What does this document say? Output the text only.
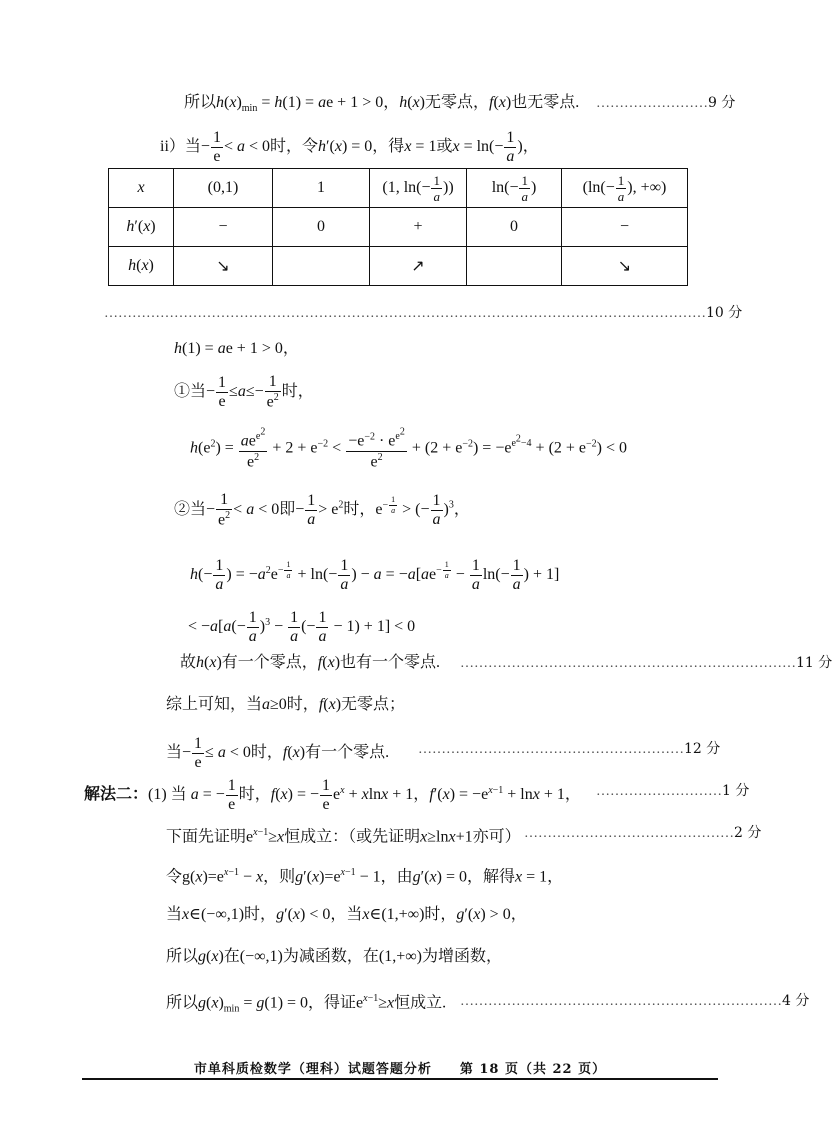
所以$h(x)_{min} = h(1)$ = ae + 1 > 0，h(x)无零点，f(x)也无零点. ……………………9 分
ii）当− $\frac{1}{e} < a < 0$时，令h′(x) = 0，得x = 1或$x = \ln(- \frac{1}{a}$ )，
x	(0,1)	1	(1, $\ln(- \frac{1}{a}$ ))	$\ln(- \frac{1}{a}$ )	($\ln(- \frac{1}{a}$ ), +∞)
h′(x)	−	0	+	0	−
h(x)	↘		↗		↘
…………………………………………………………………………………………………………………10 分
h(1) = ae + 1 > 0，
①当− $\frac{1}{e} \le a\le- \frac{1}{e^2}$ 时，
$h(e^2) = \frac{ae^{e^2}}{e^2} + 2 + e^{-2} < \frac{-e^{-2} \cdot e^{e^2}}{e^2} + (2 + e^{-2}) = -e^{e^2-4} + (2 + e^{-2}) < 0$
②当− $\frac{1}{e^2} < a < 0$即− $\frac{1}{a} > e^2$时，$e^{- \frac{1}{a}}$ > (− $\frac{1}{a} )^3$，
$h(- \frac{1}{a}$ ) = $-a^2e^{- \frac{1}{a}} + \ln(- \frac{1}{a}$ ) − $a = -a[ae^{- \frac{1}{a}} - \frac{1}{a} \ln(- \frac{1}{a}$ ) + 1]
< $-a[a(- \frac{1}{a} )^3 - \frac{1}{a}$ (− $\frac{1}{a} - 1) + 1] < 0$
故h(x)有一个零点，f(x)也有一个零点. ………………………………………………………………11 分
综上可知，当a≥0时，f(x)无零点；
当− $\frac{1}{e} \le a < 0$时，f(x)有一个零点. …………………………………………………12 分
解法二：(1) 当 a = − $\frac{1}{e}$ 时，f(x) = − $\frac{1}{e} e^x + xlnx + 1$，$f'(x) = -e^{x-1} + \ln x + 1$， ………………………1 分
下面先证明$e^{x-1}\ge x$恒成立：（或先证明x≥lnx+1亦可） ………………………………………2 分
令$g(x)=e^{x-1} - x$，则$g'(x)=e^{x-1} - 1$，由g′(x) = 0，解得x = 1，
当x∈(−∞,1)时，g′(x) < 0，当x∈(1,+∞)时，g′(x) > 0，
所以g(x)在(−∞,1)为减函数，在(1,+∞)为增函数，
所以$g(x)_{min} = g(1) = 0$，得证$e^{x-1}\ge x$恒成立. ……………………………………………………………4 分
市单科质检数学（理科）试题答题分析　　第 18 页（共 22 页）
